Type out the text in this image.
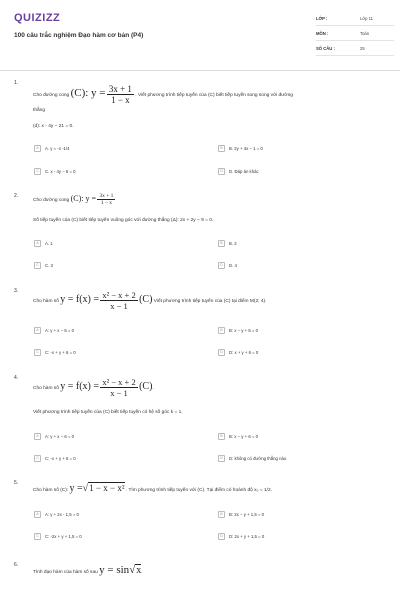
QUIZIZZ
100 câu trắc nghiệm Đạo hàm cơ bản (P4)
LỚP :	Lớp 11
MÔN :	Toán
SỐ CÂU :	25
1.
Cho đường cong (C): $y = \frac{3x + 1}{1 - x}$ . Viết phương trình tiếp tuyến của (C) biết tiếp tuyến song song với đường
thẳng
(d): x - 4y − 21 = 0.
A	A. y = -x -1/4	B	B. 2y + 4x − 1 = 0
C	C. x - 4y − 5 = 0	D	D. Đáp án khác
2.
Cho đường cong (C): $y = \frac{3x + 1}{1 - x}$
Số tiếp tuyến của (C) biết tiếp tuyến vuông góc với đường thẳng (Δ): 2x + 2y − 9 = 0.
A	A. 1	B	B. 2
C	C. 3	D	D. 4
3.
Cho hàm số $y = f(x) = \frac{\text{x² − x + 2}}{x - 1} (C)$ Viết phương trình tiếp tuyến của (C) tại điểm M(2; 4).
A	A: y + x − 6 = 0	B	B: x − y + 6 = 0
C	C: -x + y + 6 = 0	D	D: x + y + 6 = 0
4.
Cho hàm số $y = f(x) = \frac{\text{x² − x + 2}}{x - 1} (C)$.
Viết phương trình tiếp tuyến của (C) biết tiếp tuyến có hệ số góc k = 1.
A	A: y + x − 6 = 0	B	B: x − y + 6 = 0
C	C: -x + y + 6 = 0	D	D: không có đường thẳng nào
5.
Cho hàm số (C): y =√1 − x − x² . Tìm phương trình tiếp tuyến với (C). Tại điểm có hoành độ x₀ = 1/2.
A	A: y + 2x - 1,5 = 0	B	B: 2x − y + 1,5 = 0
C	C: -2x + y + 1,5 = 0	D	D: 2x + y + 1,5 = 0
6.
Tính đạo hàm của hàm số sau y = sin√x.
